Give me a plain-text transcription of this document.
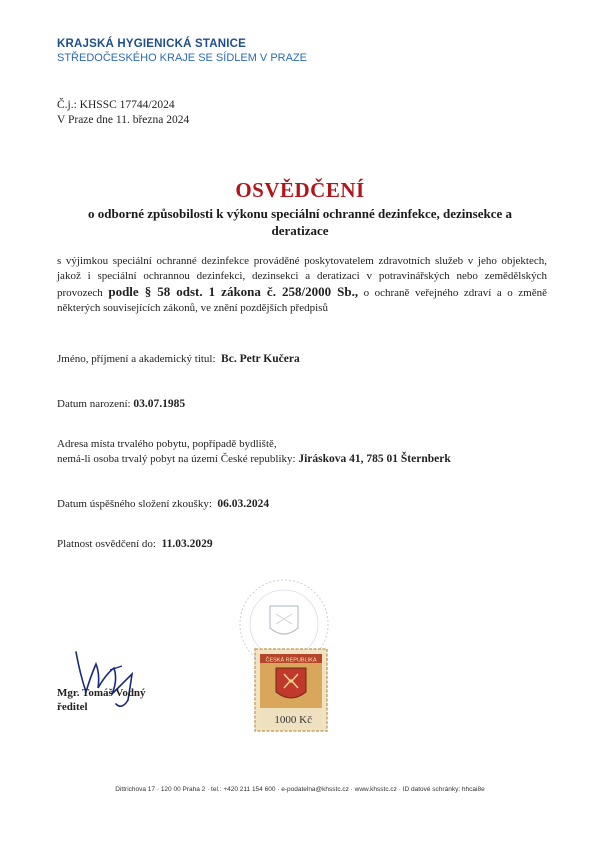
KRAJSKÁ HYGIENICKÁ STANICE
STŘEDOČESKÉHO KRAJE SE SÍDLEM V PRAZE
Č.j.: KHSSC 17744/2024
V Praze dne 11. března 2024
OSVĚDČENÍ
o odborné způsobilosti k výkonu speciální ochranné dezinfekce, dezinsekce a deratizace
s výjimkou speciální ochranné dezinfekce prováděné poskytovatelem zdravotních služeb v jeho objektech, jakož i speciální ochrannou dezinfekci, dezinsekci a deratizaci v potravinářských nebo zemědělských provozech podle § 58 odst. 1 zákona č. 258/2000 Sb., o ochraně veřejného zdraví a o změně některých souvisejících zákonů, ve znění pozdějších předpisů
Jméno, příjmení a akademický titul: Bc. Petr Kučera
Datum narození: 03.07.1985
Adresa místa trvalého pobytu, popřípadě bydliště,
nemá-li osoba trvalý pobyt na území České republiky: Jiráskova 41, 785 01 Šternberk
Datum úspěšného složení zkoušky: 06.03.2024
Platnost osvědčení do: 11.03.2029
ČESKÁ REPUBLIKA
1000 Kč
Mgr. Tomáš Vodný
ředitel
Dittrichova 17 · 120 00 Praha 2 · tel.: +420 211 154 600 · e-podatelna@khsstc.cz · www.khsstc.cz · ID datové schránky: hhcai8e
